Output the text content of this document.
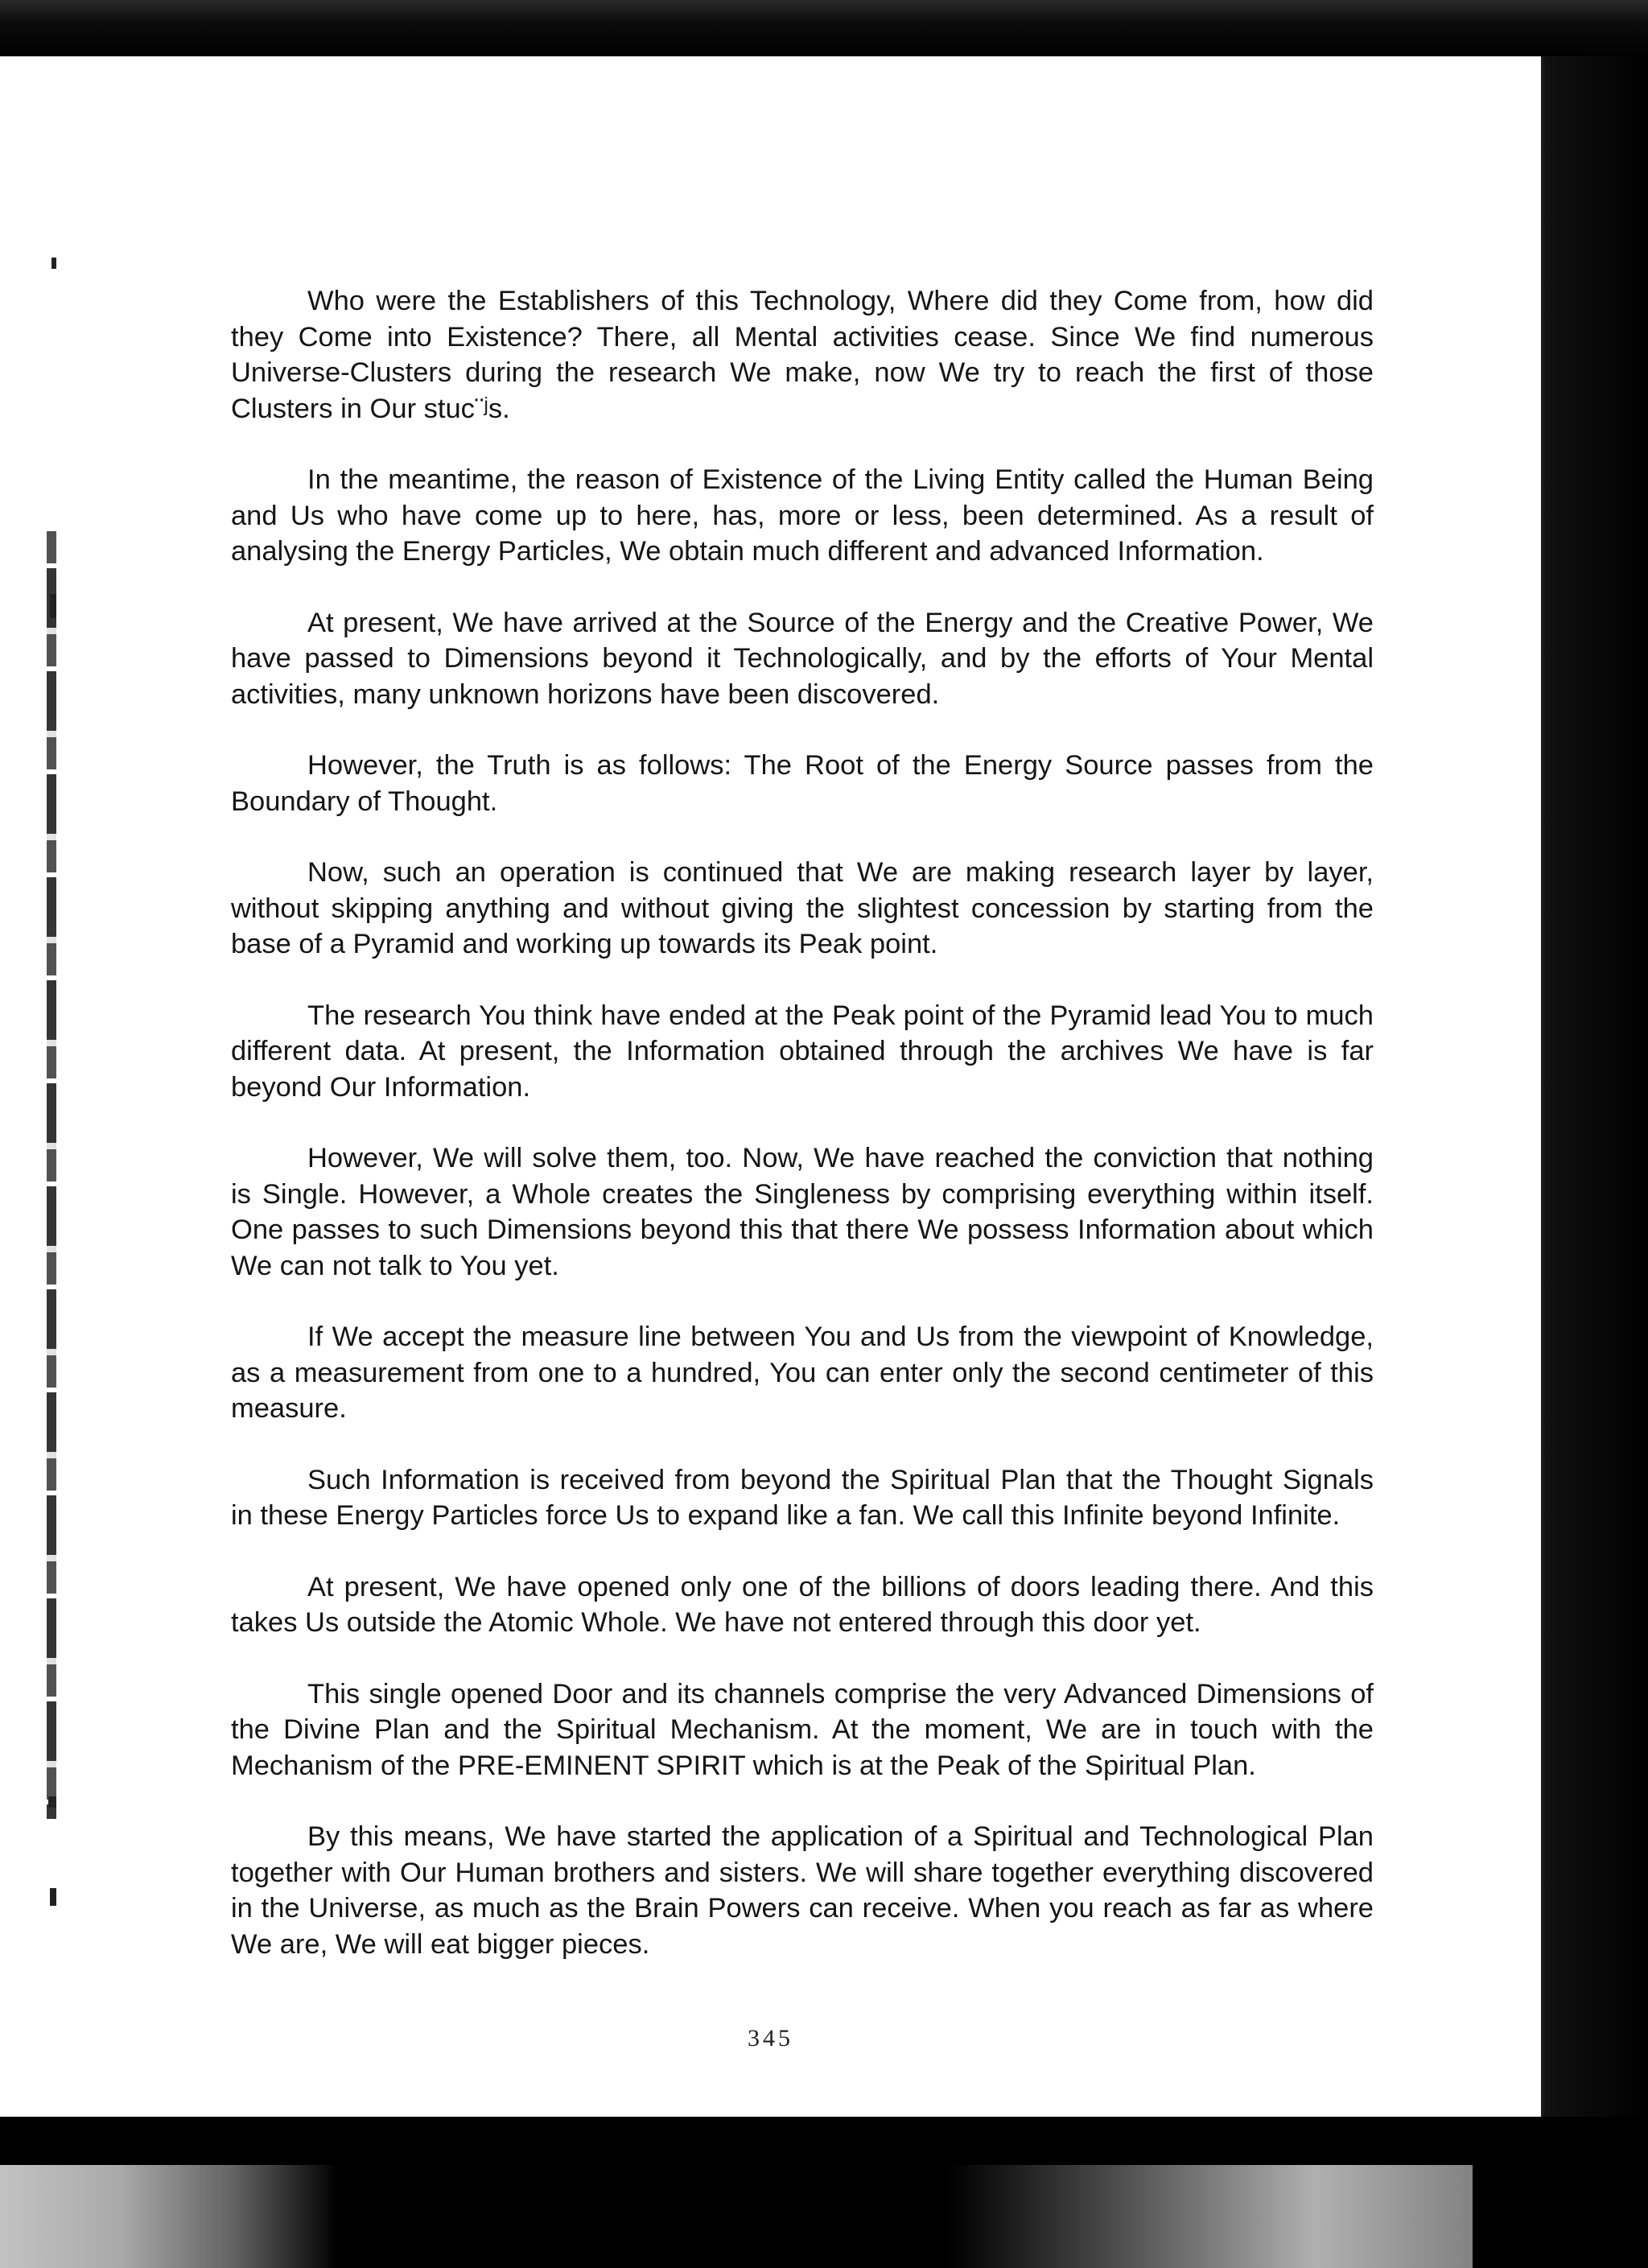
Who were the Establishers of this Technology, Where did they Come from, how did they Come into Existence? There, all Mental activities cease. Since We find numerous Universe-Clusters during the research We make, now We try to reach the first of those Clusters in Our stuc¨ʲs.

In the meantime, the reason of Existence of the Living Entity called the Human Being and Us who have come up to here, has, more or less, been determined. As a result of analysing the Energy Particles, We obtain much different and advanced Information.

At present, We have arrived at the Source of the Energy and the Creative Power, We have passed to Dimensions beyond it Technologically, and by the efforts of Your Mental activities, many unknown horizons have been discovered.

However, the Truth is as follows: The Root of the Energy Source passes from the Boundary of Thought.

Now, such an operation is continued that We are making research layer by layer, without skipping anything and without giving the slightest concession by starting from the base of a Pyramid and working up towards its Peak point.

The research You think have ended at the Peak point of the Pyramid lead You to much different data. At present, the Information obtained through the archives We have is far beyond Our Information.

However, We will solve them, too. Now, We have reached the conviction that nothing is Single. However, a Whole creates the Singleness by comprising everything within itself. One passes to such Dimensions beyond this that there We possess Information about which We can not talk to You yet.

If We accept the measure line between You and Us from the viewpoint of Knowledge, as a measurement from one to a hundred, You can enter only the second centimeter of this measure.

Such Information is received from beyond the Spiritual Plan that the Thought Signals in these Energy Particles force Us to expand like a fan. We call this Infinite beyond Infinite.

At present, We have opened only one of the billions of doors leading there. And this takes Us outside the Atomic Whole. We have not entered through this door yet.

This single opened Door and its channels comprise the very Advanced Dimensions of the Divine Plan and the Spiritual Mechanism. At the moment, We are in touch with the Mechanism of the PRE-EMINENT SPIRIT which is at the Peak of the Spiritual Plan.

By this means, We have started the application of a Spiritual and Technological Plan together with Our Human brothers and sisters. We will share together everything discovered in the Universe, as much as the Brain Powers can receive. When you reach as far as where We are, We will eat bigger pieces.

345
